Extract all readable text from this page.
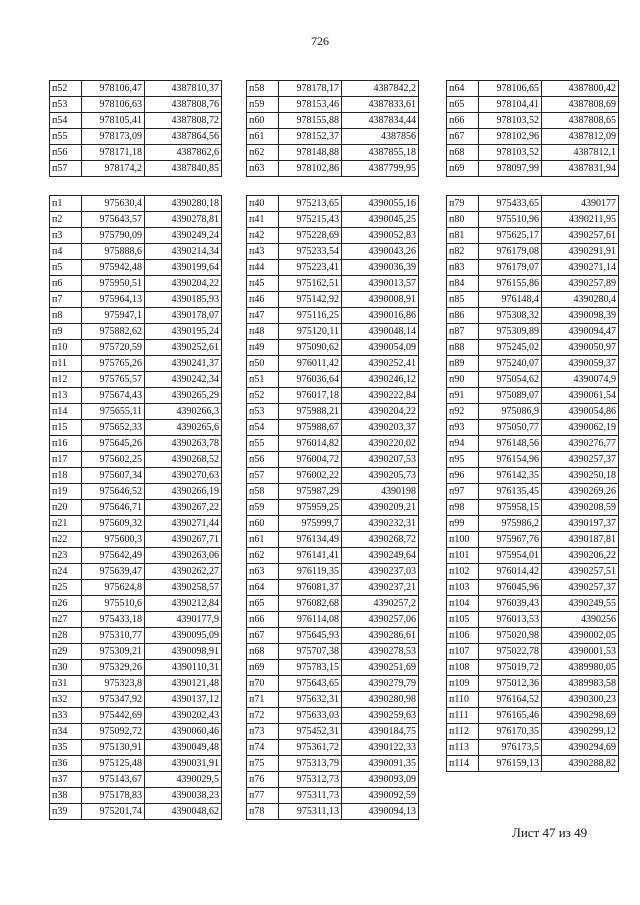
726
п52	978106,47	4387810,37
п53	978106,63	4387808,76
п54	978105,41	4387808,72
п55	978173,09	4387864,56
п56	978171,18	4387862,6
п57	978174,2	4387840,85
п58	978178,17	4387842,2
п59	978153,46	4387833,61
п60	978155,88	4387834,44
п61	978152,37	4387856
п62	978148,88	4387855,18
п63	978102,86	4387799,95
п64	978106,65	4387800,42
п65	978104,41	4387808,69
п66	978103,52	4387808,65
п67	978102,96	4387812,09
п68	978103,52	4387812,1
п69	978097,99	4387831,94
п1	975630,4	4390280,18
п2	975643,57	4390278,81
п3	975790,09	4390249,24
п4	975888,6	4390214,34
п5	975942,48	4390199,64
п6	975950,51	4390204,22
п7	975964,13	4390185,93
п8	975947,1	4390178,07
п9	975882,62	4390195,24
п10	975720,59	4390252,61
п11	975765,26	4390241,37
п12	975765,57	4390242,34
п13	975674,43	4390265,29
п14	975655,11	4390266,3
п15	975652,33	4390265,6
п16	975645,26	4390263,78
п17	975602,25	4390268,52
п18	975607,34	4390270,63
п19	975646,52	4390266,19
п20	975646,71	4390267,22
п21	975609,32	4390271,44
п22	975600,3	4390267,71
п23	975642,49	4390263,06
п24	975639,47	4390262,27
п25	975624,8	4390258,57
п26	975510,6	4390212,84
п27	975433,18	4390177,9
п28	975310,77	4390095,09
п29	975309,21	4390098,91
п30	975329,26	4390110,31
п31	975323,8	4390121,48
п32	975347,92	4390137,12
п33	975442,69	4390202,43
п34	975092,72	4390060,46
п35	975130,91	4390049,48
п36	975125,48	4390031,91
п37	975143,67	4390029,5
п38	975178,83	4390038,23
п39	975201,74	4390048,62
п40	975213,65	4390055,16
п41	975215,43	4390045,25
п42	975228,69	4390052,83
п43	975233,54	4390043,26
п44	975223,41	4390036,39
п45	975162,51	4390013,57
п46	975142,92	4390008,91
п47	975116,25	4390016,86
п48	975120,11	4390048,14
п49	975090,62	4390054,09
п50	976011,42	4390252,41
п51	976036,64	4390246,12
п52	976017,18	4390222,84
п53	975988,21	4390204,22
п54	975988,67	4390203,37
п55	976014,82	4390220,02
п56	976004,72	4390207,53
п57	976002,22	4390205,73
п58	975987,29	4390198
п59	975959,25	4390209,21
п60	975999,7	4390232,31
п61	976134,49	4390268,72
п62	976141,41	4390249,64
п63	976119,35	4390237,03
п64	976081,37	4390237,21
п65	976082,68	4390257,2
п66	976114,08	4390257,06
п67	975645,93	4390286,61
п68	975707,38	4390278,53
п69	975783,15	4390251,69
п70	975643,65	4390279,79
п71	975632,31	4390280,98
п72	975633,03	4390259,63
п73	975452,31	4390184,75
п74	975361,72	4390122,33
п75	975313,79	4390091,35
п76	975312,73	4390093,09
п77	975311,73	4390092,59
п78	975311,13	4390094,13
п79	975433,65	4390177
п80	975510,96	4390211,95
п81	975625,17	4390257,61
п82	976179,08	4390291,91
п83	976179,07	4390271,14
п84	976155,86	4390257,89
п85	976148,4	4390280,4
п86	975308,32	4390098,39
п87	975309,89	4390094,47
п88	975245,02	4390050,97
п89	975240,07	4390059,37
п90	975054,62	4390074,9
п91	975089,07	4390061,54
п92	975086,9	4390054,86
п93	975050,77	4390062,19
п94	976148,56	4390276,77
п95	976154,96	4390257,37
п96	976142,35	4390250,18
п97	976135,45	4390269,26
п98	975958,15	4390208,59
п99	975986,2	4390197,37
п100	975967,76	4390187,81
п101	975954,01	4390206,22
п102	976014,42	4390257,51
п103	976045,96	4390257,37
п104	976039,43	4390249,55
п105	976013,53	4390256
п106	975020,98	4390002,05
п107	975022,78	4390001,53
п108	975019,72	4389980,05
п109	975012,36	4389983,58
п110	976164,52	4390300,23
п111	976165,46	4390298,69
п112	976170,35	4390299,12
п113	976173,5	4390294,69
п114	976159,13	4390288,82
Лист 47 из 49
